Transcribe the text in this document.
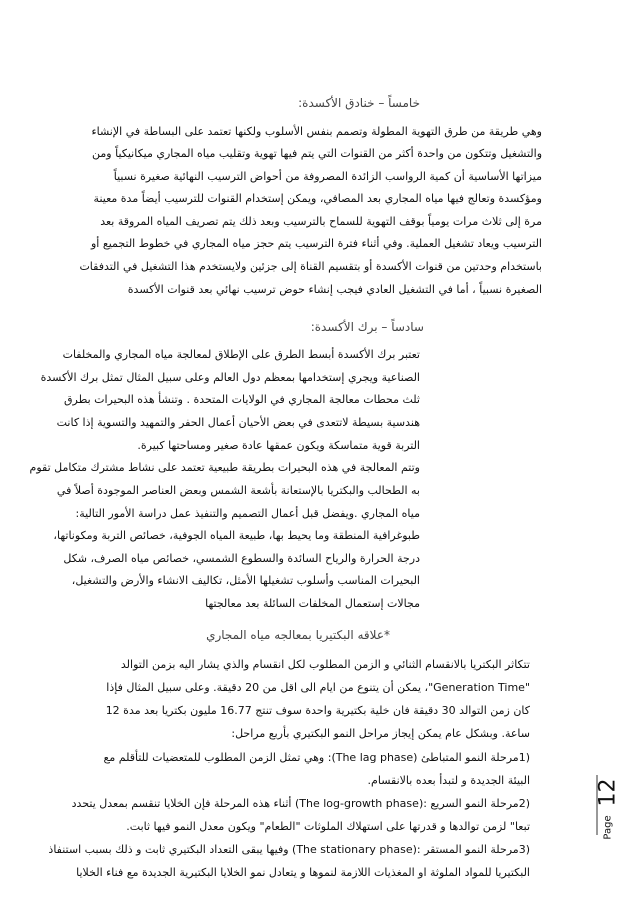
12
Page
خامساً – خنادق الأكسدة:
وهي طريقة من طرق التهوية المطولة وتصمم بنفس الأسلوب ولكنها تعتمد على البساطة في الإنشاء
والتشغيل وتتكون من واحدة أكثر من القنوات التي يتم فيها تهوية وتقليب مياه المجاري ميكانيكياً ومن
ميزاتها الأساسية أن كمية الرواسب الزائدة المصروفة من أحواض الترسيب النهائية صغيرة نسبياً
ومؤكسدة وتعالج فيها مياه المجاري بعد المصافي، ويمكن إستخدام القنوات للترسيب أيضاً مدة معينة
مرة إلى ثلاث مرات يومياً بوقف التهوية للسماح بالترسيب وبعد ذلك يتم تصريف المياه المروقة بعد
الترسيب ويعاد تشغيل العملية. وفي أثناء فترة الترسيب يتم حجز مياه المجاري في خطوط التجميع أو
باستخدام وحدتين من قنوات الأكسدة أو بتقسيم القناة إلى جزئين ولايستخدم هذا التشغيل في التدفقات
الصغيرة نسبياً ، أما في التشغيل العادي فيجب إنشاء حوض ترسيب نهائي بعد قنوات الأكسدة
سادساً – برك الأكسدة:
تعتبر برك الأكسدة أبسط الطرق على الإطلاق لمعالجة مياه المجاري والمخلفات
الصناعية ويجري إستخدامها بمعظم دول العالم وعلى سبيل المثال تمثل برك الأكسدة
ثلث محطات معالجة المجاري في الولايات المتحدة . وتنشأ هذه البحيرات بطرق
هندسية بسيطة لاتتعدى في بعض الأحيان أعمال الحفر والتمهيد والتسوية إذا كانت
التربة قوية متماسكة ويكون عمقها عادة صغير ومساحتها كبيرة.
وتتم المعالجة في هذه البحيرات بطريقة طبيعية تعتمد على نشاط مشترك متكامل تقوم
به الطحالب والبكتريا بالإستعانة بأشعة الشمس وبعض العناصر الموجودة أصلاً في
مياه المجاري .ويفضل قبل أعمال التصميم والتنفيذ عمل دراسة الأمور التالية:
طبوغرافية المنطقة وما يحيط بها، طبيعة المياه الجوفية، خصائص التربة ومكوناتها،
درجة الحرارة والرياح السائدة والسطوع الشمسي، خصائص مياه الصرف، شكل
البحيرات المناسب وأسلوب تشغيلها الأمثل، تكاليف الانشاء والأرض والتشغيل،
مجالات إستعمال المخلفات السائلة بعد معالجتها
*علاقه البكتيريا بمعالجه مياه المجاري
تتكاثر البكتريا بالانقسام الثنائي و الزمن المطلوب لكل انقسام والذي يشار اليه بزمن التوالد
"Generation Time"، يمكن أن يتنوع من ايام الى اقل من 20 دقيقة. وعلى سبيل المثال فإذا
كان زمن التوالد 30 دقيقة فان خلية بكتيرية واحدة سوف تنتج 16.77 مليون بكتريا بعد مدة 12
ساعة. وبشكل عام يمكن إيجاز مراحل النمو البكتيري بأربع مراحل:
(1مرحلة النمو المتباطئ (The lag phase): وهي تمثل الزمن المطلوب للمتعضيات للتأقلم مع
البيئة الجديدة و لتبدأ بعده بالانقسام.
(2مرحلة النمو السريع :(The log-growth phase) أثناء هذه المرحلة فإن الخلايا تنقسم بمعدل يتحدد
تبعا" لزمن توالدها و قدرتها على استهلاك الملوثات "الطعام" ويكون معدل النمو فيها ثابت.
(3مرحلة النمو المستقر :(The stationary phase) وفيها يبقى التعداد البكتيري ثابت و ذلك بسبب استنفاذ
البكتيريا للمواد الملوثة او المغذيات اللازمة لنموها و يتعادل نمو الخلايا البكتيرية الجديدة مع فناء الخلايا
